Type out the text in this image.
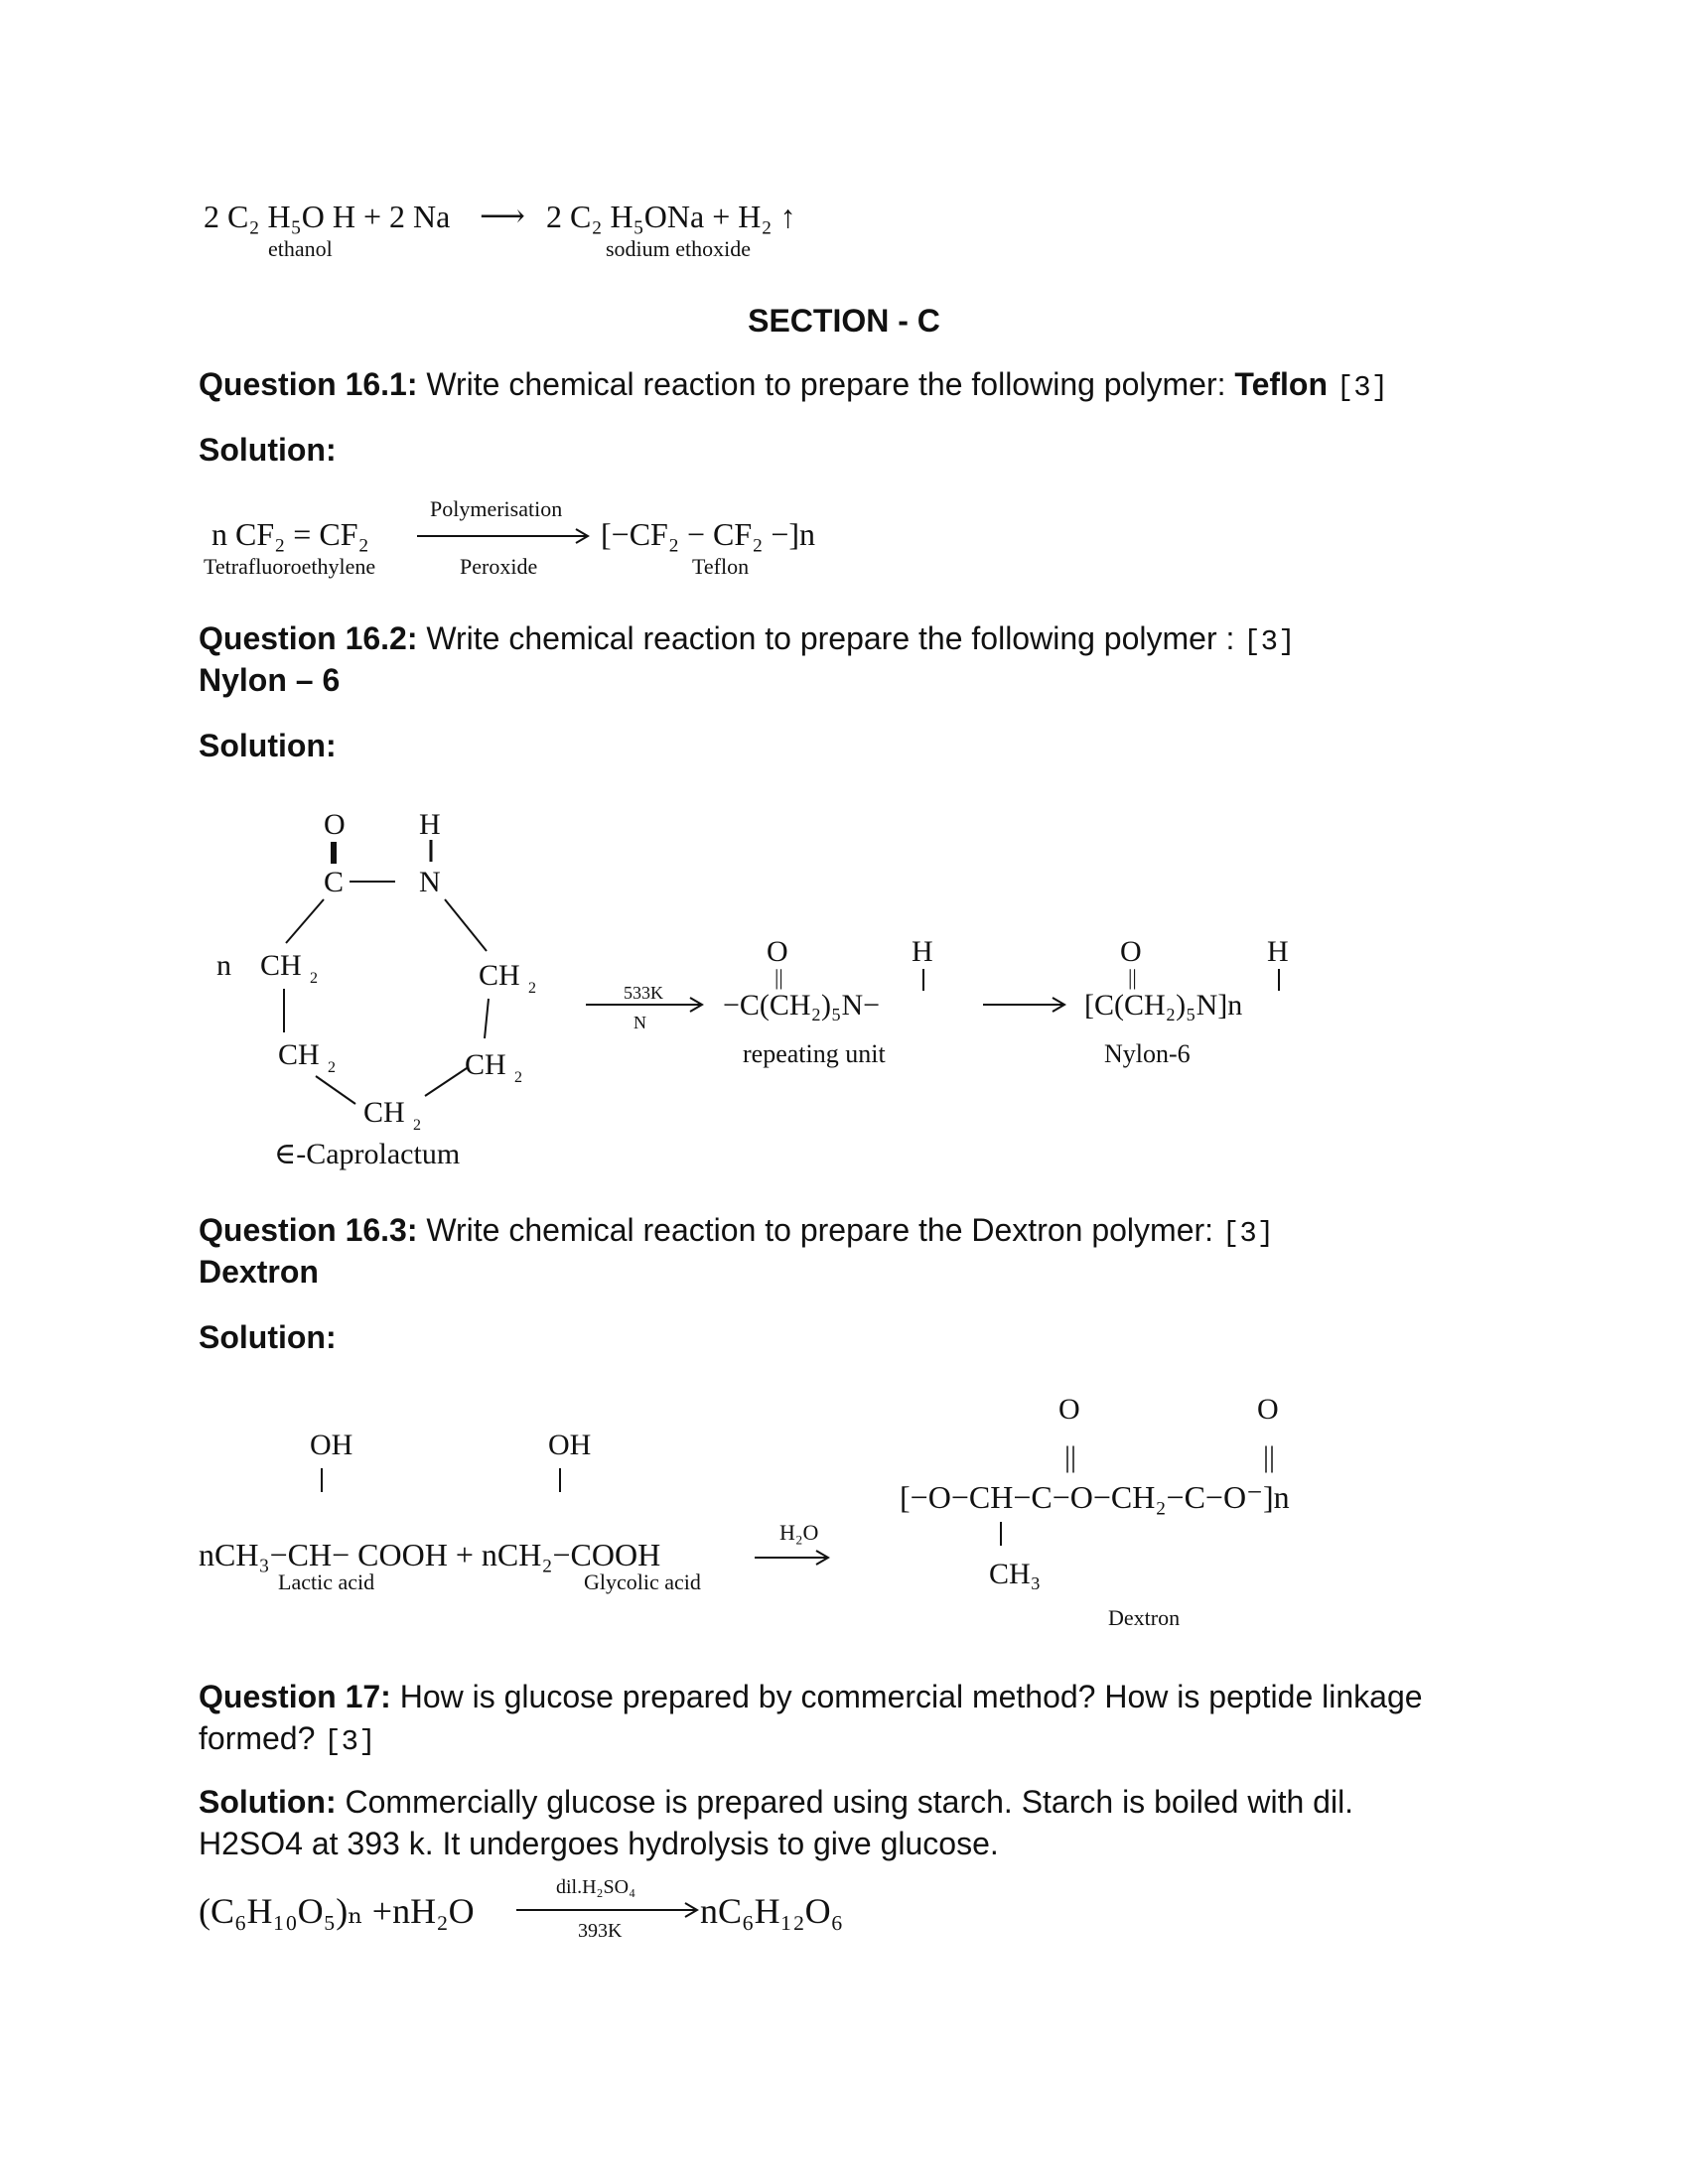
2 C₂ H₅O H + 2 Na ⟶ 2 C₂ H₅ONa + H₂ ↑
ethanol	sodium ethoxide
SECTION - C
Question 16.1: Write chemical reaction to prepare the following polymer: Teflon [3]
Solution:
n CF₂ = CF₂
Tetrafluoroethylene
Polymerisation
Peroxide
[−CF₂ − CF₂ −]n
Teflon
Question 16.2: Write chemical reaction to prepare the following polymer : [3]
Nylon – 6
Solution:
O
C
H
N
n CH 2	CH 2
CH 2	CH 2
CH 2
∈-Caprolactum
533K
N
O
||
H
−C(CH₂)₅N−
repeating unit
O
||
H
[C(CH₂)₅N]n
Nylon-6
Question 16.3: Write chemical reaction to prepare the Dextron polymer: [3]
Dextron
Solution:
OH	OH
nCH₃−CH− COOH + nCH₂−COOH
Lactic acid	Glycolic acid
H₂O
O
||
O
||
[−O−CH−C−O−CH₂−C−O⁻]n
CH₃
Dextron
Question 17: How is glucose prepared by commercial method? How is peptide linkage
formed? [3]
Solution: Commercially glucose is prepared using starch. Starch is boiled with dil.
H2SO4 at 393 k. It undergoes hydrolysis to give glucose.
(C₆H₁₀O₅)ₙ +nH₂O
dil.H₂SO₄
393K nC₆H₁₂O₆
